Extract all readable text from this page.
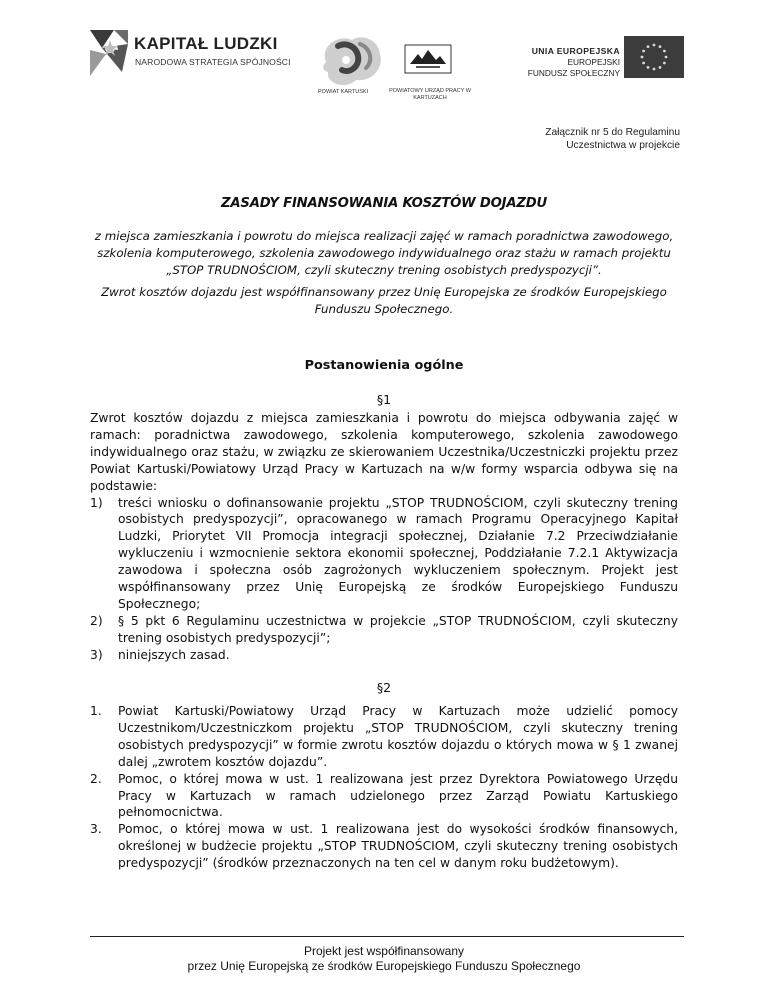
KAPITAŁ LUDZKI
NARODOWA STRATEGIA SPÓJNOŚCI
POWIAT KARTUSKI	POWIATOWY URZĄD PRACY W KARTUZACH
UNIA EUROPEJSKA
EUROPEJSKI
FUNDUSZ SPOŁECZNY
Załącznik nr 5 do Regulaminu
Uczestnictwa w projekcie
ZASADY FINANSOWANIA KOSZTÓW DOJAZDU

z miejsca zamieszkania i powrotu do miejsca realizacji zajęć w ramach poradnictwa zawodowego, szkolenia komputerowego, szkolenia zawodowego indywidualnego oraz stażu w ramach projektu „STOP TRUDNOŚCIOM, czyli skuteczny trening osobistych predyspozycji”.

Zwrot kosztów dojazdu jest współfinansowany przez Unię Europejska ze środków Europejskiego Funduszu Społecznego.

Postanowienia ogólne
§1

Zwrot kosztów dojazdu z miejsca zamieszkania i powrotu do miejsca odbywania zajęć w ramach: poradnictwa zawodowego, szkolenia komputerowego, szkolenia zawodowego indywidualnego oraz stażu, w związku ze skierowaniem Uczestnika/Uczestniczki projektu przez Powiat Kartuski/Powiatowy Urząd Pracy w Kartuzach na w/w formy wsparcia odbywa się na podstawie:

1) treści wniosku o dofinansowanie projektu „STOP TRUDNOŚCIOM, czyli skuteczny trening osobistych predyspozycji”, opracowanego w ramach Programu Operacyjnego Kapitał Ludzki, Priorytet VII Promocja integracji społecznej, Działanie 7.2 Przeciwdziałanie wykluczeniu i wzmocnienie sektora ekonomii społecznej, Poddziałanie 7.2.1 Aktywizacja zawodowa i społeczna osób zagrożonych wykluczeniem społecznym. Projekt jest współfinansowany przez Unię Europejską ze środków Europejskiego Funduszu Społecznego;
2) § 5 pkt 6 Regulaminu uczestnictwa w projekcie „STOP TRUDNOŚCIOM, czyli skuteczny trening osobistych predyspozycji”;
3) niniejszych zasad.
§2
1. Powiat Kartuski/Powiatowy Urząd Pracy w Kartuzach może udzielić pomocy Uczestnikom/Uczestniczkom projektu „STOP TRUDNOŚCIOM, czyli skuteczny trening osobistych predyspozycji” w formie zwrotu kosztów dojazdu o których mowa w § 1 zwanej dalej „zwrotem kosztów dojazdu”.
2. Pomoc, o której mowa w ust. 1 realizowana jest przez Dyrektora Powiatowego Urzędu Pracy w Kartuzach w ramach udzielonego przez Zarząd Powiatu Kartuskiego pełnomocnictwa.
3. Pomoc, o której mowa w ust. 1 realizowana jest do wysokości środków finansowych, określonej w budżecie projektu „STOP TRUDNOŚCIOM, czyli skuteczny trening osobistych predyspozycji” (środków przeznaczonych na ten cel w danym roku budżetowym).
Projekt jest współfinansowany
przez Unię Europejską ze środków Europejskiego Funduszu Społecznego
